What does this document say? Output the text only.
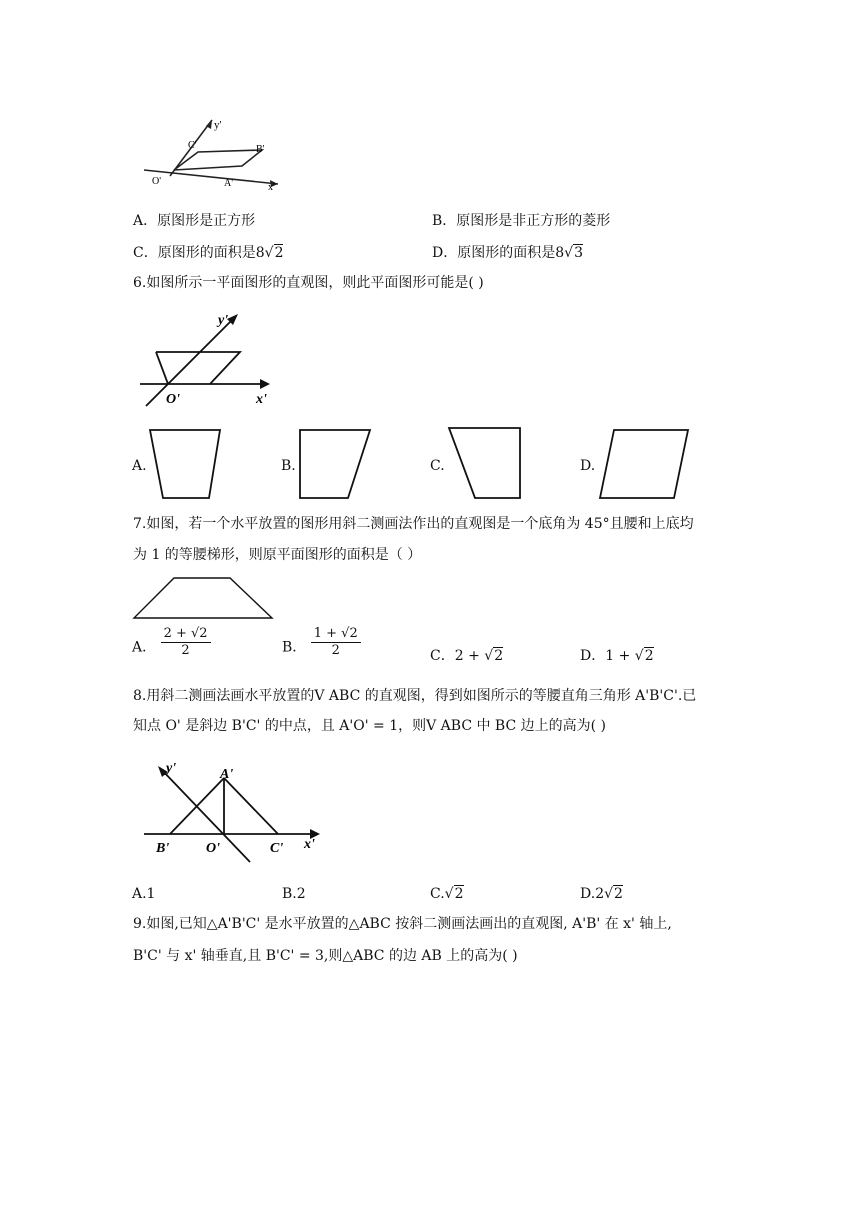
y'
C'	B'
O'	A'	x'
A．原图形是正方形	B．原图形是非正方形的菱形
C．原图形的面积是8√2	D．原图形的面积是8√3
6.如图所示一平面图形的直观图，则此平面图形可能是( )
y'
O'	x'
A.	B.	C.	D.
7.如图，若一个水平放置的图形用斜二测画法作出的直观图是一个底角为 45°且腰和上底均
为 1 的等腰梯形，则原平面图形的面积是（ ）
A． $\frac{2 + √2}{2}$	B． $\frac{1 + √2}{2}$	C．2 + √2	D．1 + √2
8.用斜二测画法画水平放置的V ABC 的直观图，得到如图所示的等腰直角三角形 A'B'C'.已
知点 O' 是斜边 B'C' 的中点，且 A'O' = 1，则V ABC 中 BC 边上的高为( )
y'	A'
B'	O'	C' x'
A.1	B.2	C.√2	D.2√2
9.如图,已知△A'B'C' 是水平放置的△ABC 按斜二测画法画出的直观图, A'B' 在 x' 轴上,
B'C' 与 x' 轴垂直,且 B'C' = 3,则△ABC 的边 AB 上的高为( )
